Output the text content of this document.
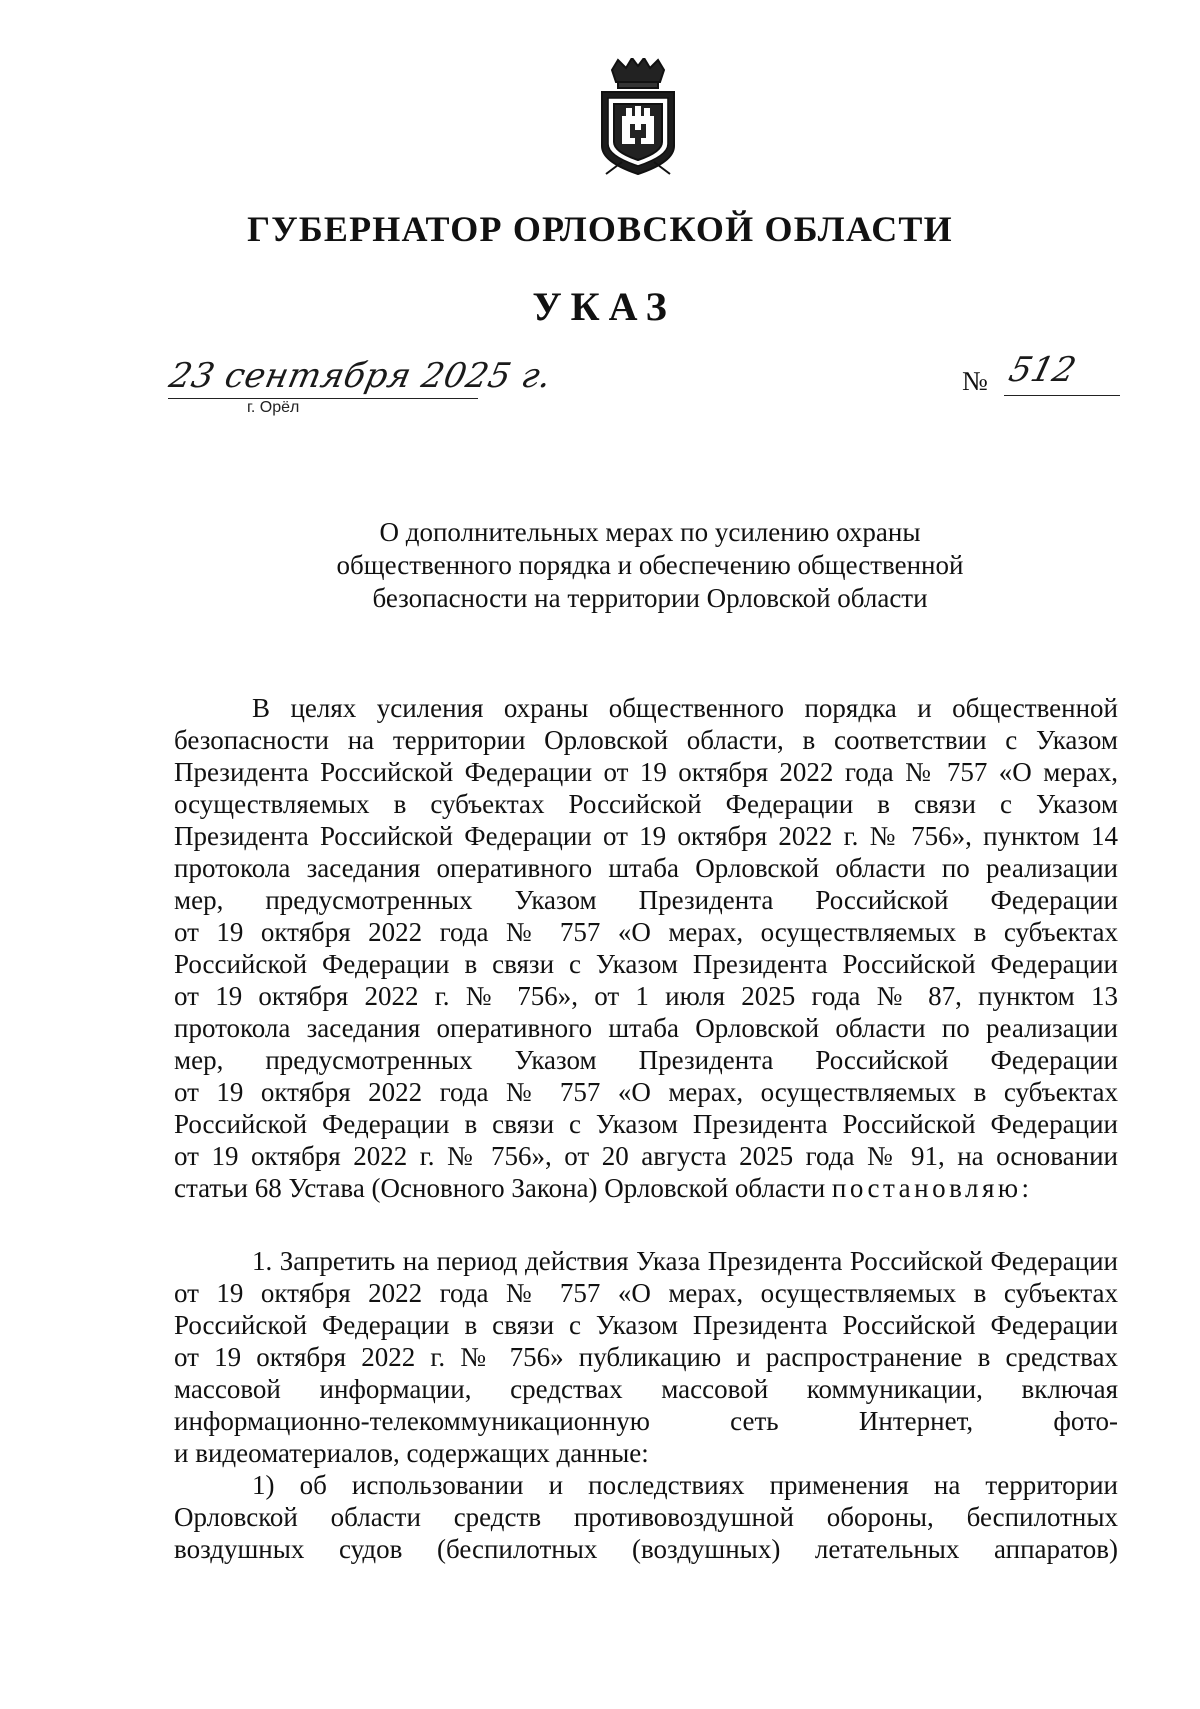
ГУБЕРНАТОР ОРЛОВСКОЙ ОБЛАСТИ
УКАЗ
23 сентября 2025 г.
г. Орёл
№ 512
О дополнительных мерах по усилению охраны
общественного порядка и обеспечению общественной
безопасности на территории Орловской области
В целях усиления охраны общественного порядка и общественной
безопасности на территории Орловской области, в соответствии с Указом
Президента Российской Федерации от 19 октября 2022 года № 757 «О мерах,
осуществляемых в субъектах Российской Федерации в связи с Указом
Президента Российской Федерации от 19 октября 2022 г. № 756», пунктом 14
протокола заседания оперативного штаба Орловской области по реализации
мер, предусмотренных Указом Президента Российской Федерации
от 19 октября 2022 года № 757 «О мерах, осуществляемых в субъектах
Российской Федерации в связи с Указом Президента Российской Федерации
от 19 октября 2022 г. № 756», от 1 июля 2025 года № 87, пунктом 13
протокола заседания оперативного штаба Орловской области по реализации
мер, предусмотренных Указом Президента Российской Федерации
от 19 октября 2022 года № 757 «О мерах, осуществляемых в субъектах
Российской Федерации в связи с Указом Президента Российской Федерации
от 19 октября 2022 г. № 756», от 20 августа 2025 года № 91, на основании
статьи 68 Устава (Основного Закона) Орловской области постановляю:
1. Запретить на период действия Указа Президента Российской Федерации
от 19 октября 2022 года № 757 «О мерах, осуществляемых в субъектах
Российской Федерации в связи с Указом Президента Российской Федерации
от 19 октября 2022 г. № 756» публикацию и распространение в средствах
массовой информации, средствах массовой коммуникации, включая
информационно-телекоммуникационную сеть Интернет, фото-
и видеоматериалов, содержащих данные:
1) об использовании и последствиях применения на территории
Орловской области средств противовоздушной обороны, беспилотных
воздушных судов (беспилотных (воздушных) летательных аппаратов)
